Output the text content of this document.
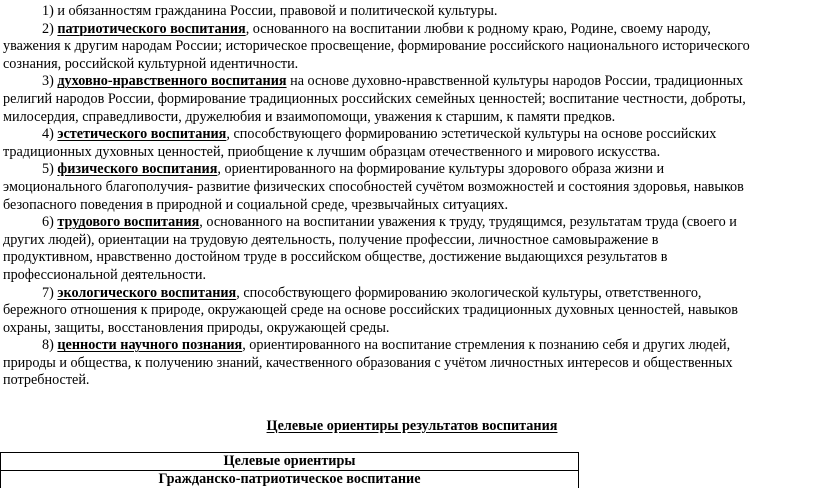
1) и обязанностям гражданина России, правовой и политической культуры.
2) патриотического воспитания, основанного на воспитании любви к родному краю, Родине, своему народу,
уважения к другим народам России; историческое просвещение, формирование российского национального исторического
сознания, российской культурной идентичности.
3) духовно-нравственного воспитания на основе духовно-нравственной культуры народов России, традиционных
религий народов России, формирование традиционных российских семейных ценностей; воспитание честности, доброты,
милосердия, справедливости, дружелюбия и взаимопомощи, уважения к старшим, к памяти предков.
4) эстетического воспитания, способствующего формированию эстетической культуры на основе российских
традиционных духовных ценностей, приобщение к лучшим образцам отечественного и мирового искусства.
5) физического воспитания, ориентированного на формирование культуры здорового образа жизни и
эмоционального благополучия- развитие физических способностей сучётом возможностей и состояния здоровья, навыков
безопасного поведения в природной и социальной среде, чрезвычайных ситуациях.
6) трудового воспитания, основанного на воспитании уважения к труду, трудящимся, результатам труда (своего и
других людей), ориентации на трудовую деятельность, получение профессии, личностное самовыражение в
продуктивном, нравственно достойном труде в российском обществе, достижение выдающихся результатов в
профессиональной деятельности.
7) экологического воспитания, способствующего формированию экологической культуры, ответственного,
бережного отношения к природе, окружающей среде на основе российских традиционных духовных ценностей, навыков
охраны, защиты, восстановления природы, окружающей среды.
8) ценности научного познания, ориентированного на воспитание стремления к познанию себя и других людей,
природы и общества, к получению знаний, качественного образования с учётом личностных интересов и общественных
потребностей.
Целевые ориентиры результатов воспитания
Целевые ориентиры
Гражданско-патриотическое воспитание
